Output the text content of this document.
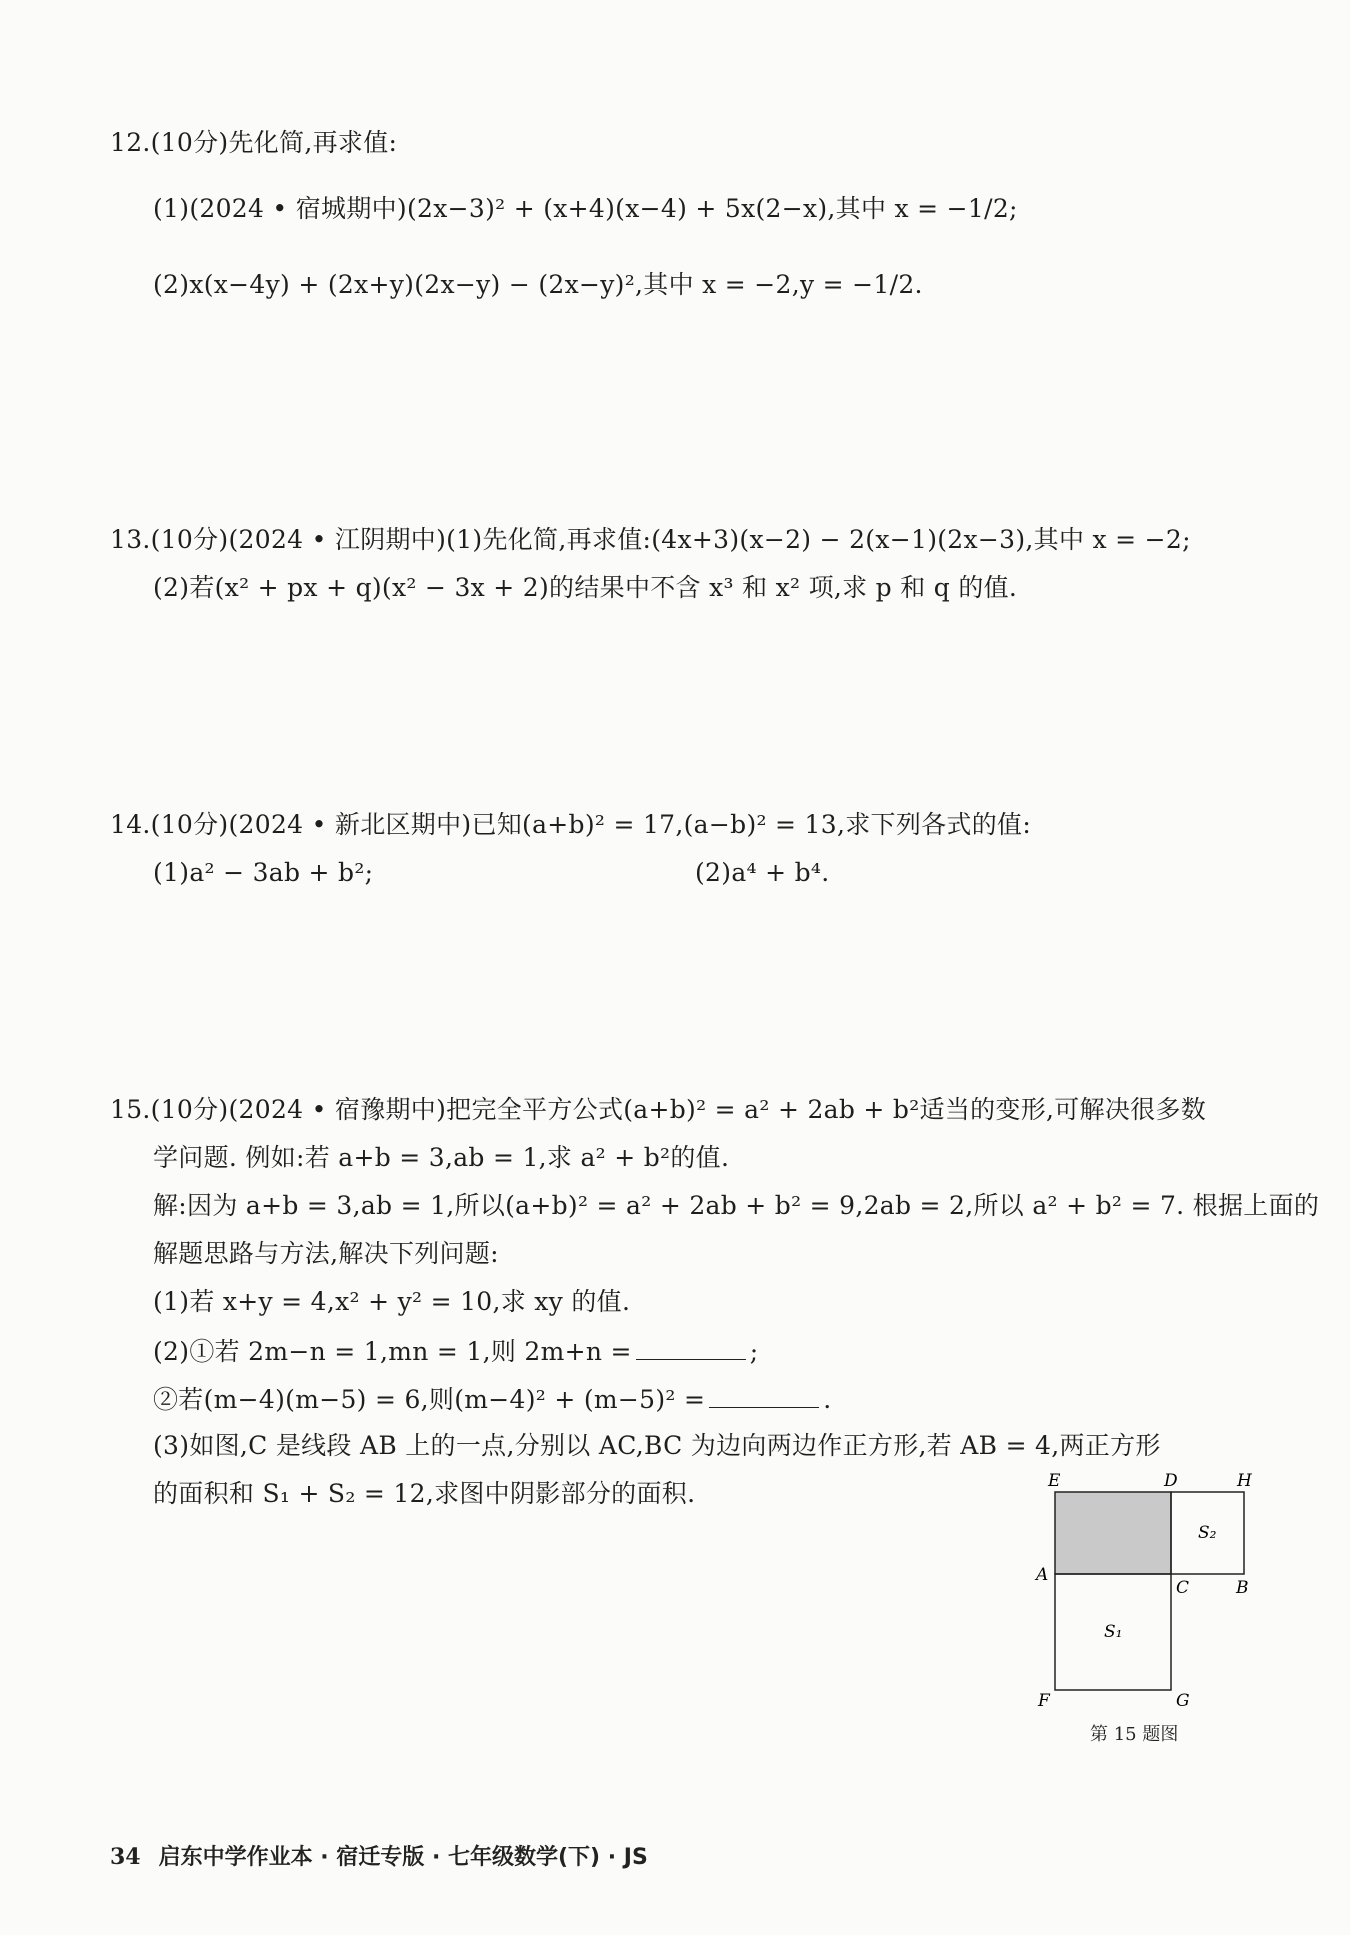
12.(10分)先化简,再求值:
(1)(2024 • 宿城期中)(2x−3)² + (x+4)(x−4) + 5x(2−x),其中 x = −1/2;
(2)x(x−4y) + (2x+y)(2x−y) − (2x−y)²,其中 x = −2,y = −1/2.
13.(10分)(2024 • 江阴期中)(1)先化简,再求值:(4x+3)(x−2) − 2(x−1)(2x−3),其中 x = −2;
(2)若(x² + px + q)(x² − 3x + 2)的结果中不含 x³ 和 x² 项,求 p 和 q 的值.
14.(10分)(2024 • 新北区期中)已知(a+b)² = 17,(a−b)² = 13,求下列各式的值:
(1)a² − 3ab + b²;	(2)a⁴ + b⁴.
15.(10分)(2024 • 宿豫期中)把完全平方公式(a+b)² = a² + 2ab + b²适当的变形,可解决很多数
学问题. 例如:若 a+b = 3,ab = 1,求 a² + b²的值.
解:因为 a+b = 3,ab = 1,所以(a+b)² = a² + 2ab + b² = 9,2ab = 2,所以 a² + b² = 7. 根据上面的
解题思路与方法,解决下列问题:
(1)若 x+y = 4,x² + y² = 10,求 xy 的值.
(2)①若 2m−n = 1,mn = 1,则 2m+n =	;
②若(m−4)(m−5) = 6,则(m−4)² + (m−5)² =	.
(3)如图,C 是线段 AB 上的一点,分别以 AC,BC 为边向两边作正方形,若 AB = 4,两正方形
的面积和 S₁ + S₂ = 12,求图中阴影部分的面积.	E	D	H
A
C	B
F	G
S₁
S₂
第 15 题图
34 启东中学作业本 · 宿迁专版 · 七年级数学(下) · JS
